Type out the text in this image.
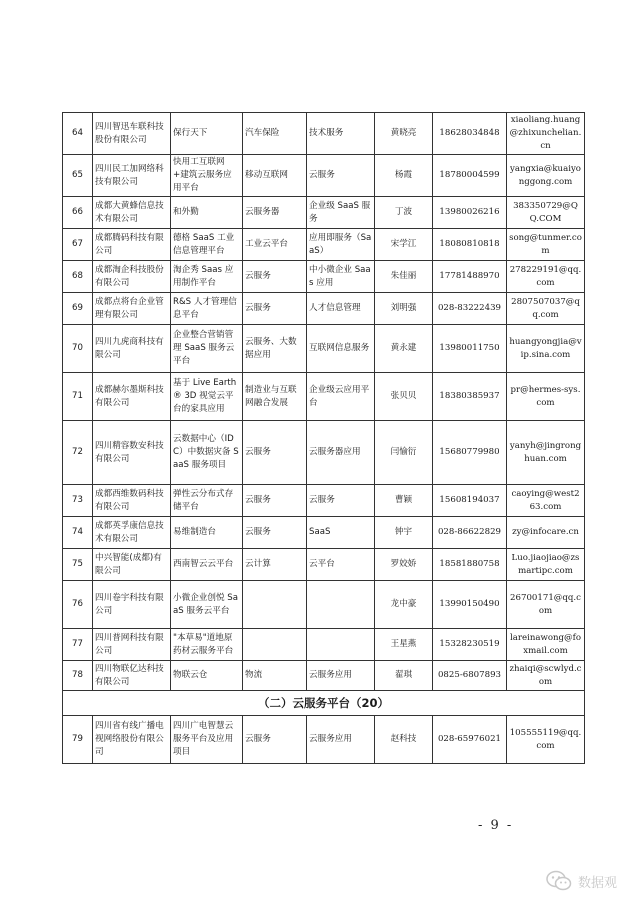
64	四川智迅车联科技股份有限公司	保行天下	汽车保险	技术服务	黄晓亮	18628034848	xiaoliang.huang@zhixunchelian.cn
65	四川民工加网络科技有限公司	快用工互联网+建筑云服务应用平台	移动互联网	云服务	杨霞	18780004599	yangxia@kuaiyonggong.com
66	成都大黄蜂信息技术有限公司	和外勤	云服务器	企业级 SaaS 服务	丁波	13980026216	383350729@QQ.COM
67	成都腾码科技有限公司	德格 SaaS 工业信息管理平台	工业云平台	应用即服务（SaaS）	宋学江	18080810818	song@tunmer.com
68	成都淘企科技股份有限公司	淘企秀 Saas 应用制作平台	云服务	中小微企业 Saas 应用	朱佳丽	17781488970	278229191@qq.com
69	成都点将台企业管理有限公司	R&S 人才管理信息平台	云服务	人才信息管理	刘明强	028-83222439	2807507037@qq.com
70	四川九虎商科技有限公司	企业整合营销管理 SaaS 服务云平台	云服务、大数据应用	互联网信息服务	黄永建	13980011750	huangyongjia@vip.sina.com
71	成都赫尔墨斯科技有限公司	基于 Live Earth® 3D 视觉云平台的家具应用	制造业与互联网融合发展	企业级云应用平台	张贝贝	18380385937	pr@hermes-sys.com
72	四川精容数安科技有限公司	云数据中心（IDC）中数据灾备 SaaS 服务项目	云服务	云服务器应用	闫愉衍	15680779980	yanyh@jingronghuan.com
73	成都西维数码科技有限公司	弹性云分布式存储平台	云服务	云服务	曹颖	15608194037	caoying@west263.com
74	成都英孚康信息技术有限公司	易维制造台	云服务	SaaS	钟宇	028-86622829	zy@infocare.cn
75	中兴智能(成都)有限公司	西南智云云平台	云计算	云平台	罗姣娇	18581880758	Luo.jiaojiao@zsmartipc.com
76	四川卷宇科技有限公司	小微企业创悦 SaaS 服务云平台			龙中豪	13990150490	26700171@qq.com
77	四川普网科技有限公司	"本草易"道地原药材云服务平台			王星燕	15328230519	lareinawong@foxmail.com
78	四川物联亿达科技有限公司	物联云仓	物流	云服务应用	翟琪	0825-6807893	zhaiqi@scwlyd.com
（二）云服务平台（20）							
79	四川省有线广播电视网络股份有限公司	四川广电智慧云服务平台及应用项目	云服务	云服务应用	赵科技	028-65976021	105555119@qq.com
- 9 -
数据观
